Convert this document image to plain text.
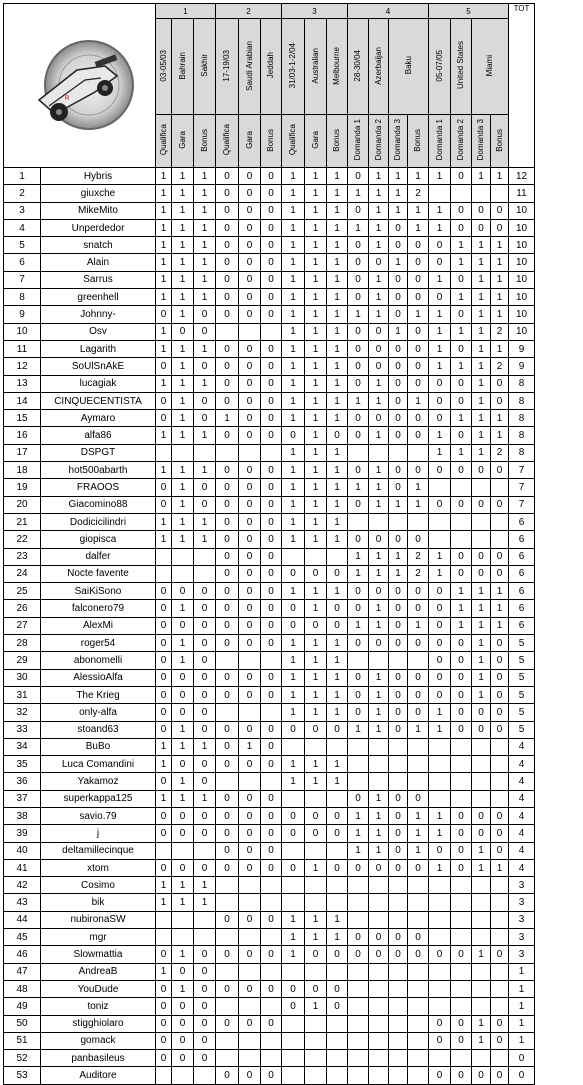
R		1			2			3			4				5				TOT
		03-05/03	Bahrain	Sakhir	17-19/03	Saudi Arabian	Jeddah	31/03-1-2/04	Australian	Melbourne	28-30/04	Azerbaijan	Baku		05-07/05	United States	Miami		
		Qualifica	Gara	Bonus	Qualifica	Gara	Bonus	Qualifica	Gara	Bonus	Domanda 1	Domanda 2	Domanda 3	Bonus	Domanda 1	Domanda 2	Domanda 3	Bonus	
1	Hybris	1	1	1	0	0	0	1	1	1	0	1	1	1	1	0	1	1	12
2	giuxche	1	1	1	0	0	0	1	1	1	1	1	1	2					11
3	MikeMito	1	1	1	0	0	0	1	1	1	0	1	1	1	1	0	0	0	10
4	Unperdedor	1	1	1	0	0	0	1	1	1	1	1	0	1	1	0	0	0	10
5	snatch	1	1	1	0	0	0	1	1	1	0	1	0	0	0	1	1	1	10
6	Alain	1	1	1	0	0	0	1	1	1	0	0	1	0	0	1	1	1	10
7	Sarrus	1	1	1	0	0	0	1	1	1	0	1	0	0	1	0	1	1	10
8	greenhell	1	1	1	0	0	0	1	1	1	0	1	0	0	0	1	1	1	10
9	Johnny-	0	1	0	0	0	0	1	1	1	1	1	0	1	1	0	1	1	10
10	Osv	1	0	0				1	1	1	0	0	1	0	1	1	1	2	10
11	Lagarith	1	1	1	0	0	0	1	1	1	0	0	0	0	1	0	1	1	9
12	SoUlSnAkE	0	1	0	0	0	0	1	1	1	0	0	0	0	1	1	1	2	9
13	lucagiak	1	1	1	0	0	0	1	1	1	0	1	0	0	0	0	1	0	8
14	CINQUECENTISTA	0	1	0	0	0	0	1	1	1	1	1	0	1	0	0	1	0	8
15	Aymaro	0	1	0	1	0	0	1	1	1	0	0	0	0	0	1	1	1	8
16	alfa86	1	1	1	0	0	0	0	1	0	0	1	0	0	1	0	1	1	8
17	DSPGT							1	1	1					1	1	1	2	8
18	hot500abarth	1	1	1	0	0	0	1	1	1	0	1	0	0	0	0	0	0	7
19	FRAOOS	0	1	0	0	0	0	1	1	1	1	1	0	1					7
20	Giacomino88	0	1	0	0	0	0	1	1	1	0	1	1	1	0	0	0	0	7
21	Dodicicilindri	1	1	1	0	0	0	1	1	1									6
22	giopisca	1	1	1	0	0	0	1	1	1	0	0	0	0					6
23	dalfer				0	0	0				1	1	1	2	1	0	0	0	6
24	Nocte favente				0	0	0	0	0	0	1	1	1	2	1	0	0	0	6
25	SaiKiSono	0	0	0	0	0	0	1	1	1	0	0	0	0	0	1	1	1	6
26	falconero79	0	1	0	0	0	0	0	1	0	0	1	0	0	0	1	1	1	6
27	AlexMi	0	0	0	0	0	0	0	0	0	1	1	0	1	0	1	1	1	6
28	roger54	0	1	0	0	0	0	1	1	1	0	0	0	0	0	0	1	0	5
29	abonomelli	0	1	0				1	1	1					0	0	1	0	5
30	AlessioAlfa	0	0	0	0	0	0	1	1	1	0	1	0	0	0	0	1	0	5
31	The Krieg	0	0	0	0	0	0	1	1	1	0	1	0	0	0	0	1	0	5
32	only-alfa	0	0	0				1	1	1	0	1	0	0	1	0	0	0	5
33	stoand63	0	1	0	0	0	0	0	0	0	1	1	0	1	1	0	0	0	5
34	BuBo	1	1	1	0	1	0												4
35	Luca Comandini	1	0	0	0	0	0	1	1	1									4
36	Yakamoz	0	1	0				1	1	1									4
37	superkappa125	1	1	1	0	0	0				0	1	0	0					4
38	savio.79	0	0	0	0	0	0	0	0	0	1	1	0	1	1	0	0	0	4
39	j	0	0	0	0	0	0	0	0	0	1	1	0	1	1	0	0	0	4
40	deltamillecinque				0	0	0				1	1	0	1	0	0	1	0	4
41	xtom	0	0	0	0	0	0	0	1	0	0	0	0	0	1	0	1	1	4
42	Cosimo	1	1	1															3
43	bik	1	1	1															3
44	nubironaSW				0	0	0	1	1	1									3
45	mgr							1	1	1	0	0	0	0					3
46	Slowmattia	0	1	0	0	0	0	1	0	0	0	0	0	0	0	0	1	0	3
47	AndreaB	1	0	0															1
48	YouDude	0	1	0	0	0	0	0	0	0									1
49	toniz	0	0	0				0	1	0									1
50	stigghiolaro	0	0	0	0	0	0								0	0	1	0	1
51	gomack	0	0	0											0	0	1	0	1
52	panbasileus	0	0	0															0
53	Auditore				0	0	0								0	0	0	0	0
